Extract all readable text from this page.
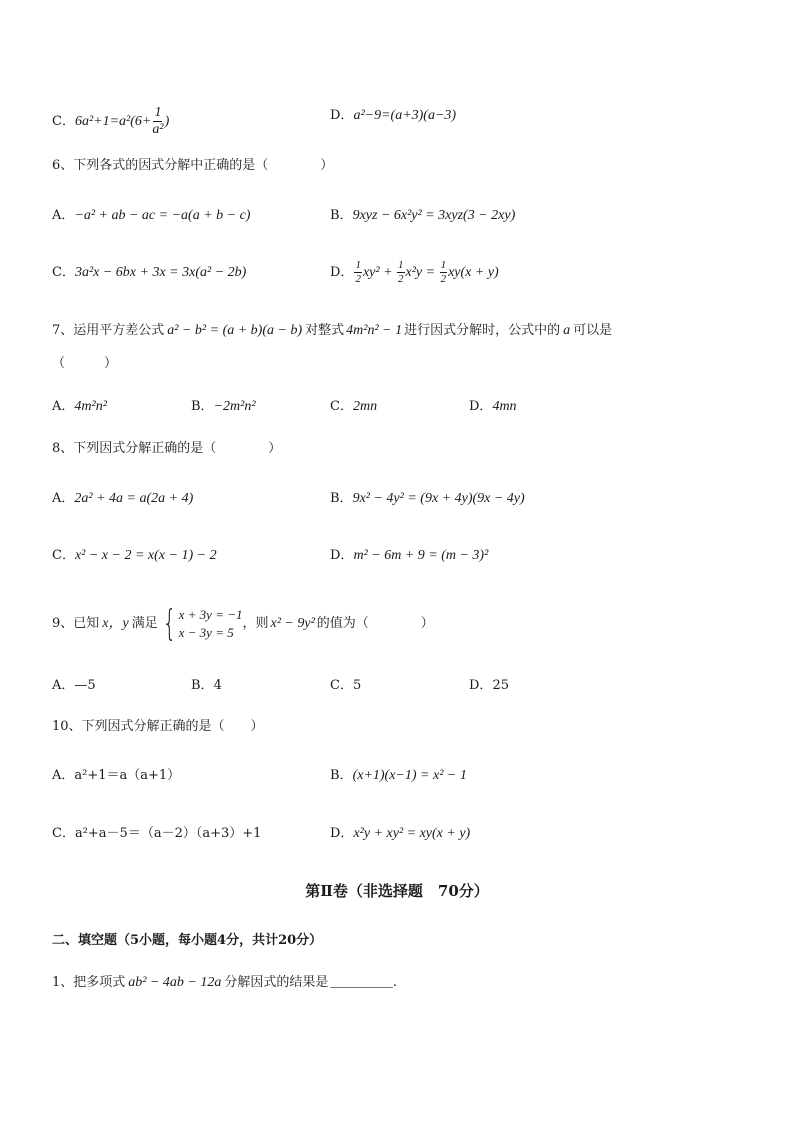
C．$6a^2+1=a^2(6+ \frac{1}{\text{a²}}$ )	D．a²−9=(a+3)(a−3)
6、下列各式的因式分解中正确的是（　　　　）
A．−a² + ab − ac = −a(a + b − c)	B．9xyz − 6x²y² = 3xyz(3 − 2xy)
C．3a²x − 6bx + 3x = 3x(a² − 2b)	D． $\frac{1}{2} xy^2 + \frac{1}{2} x^2y = \frac{1}{2} xy(x + y)$
7、运用平方差公式 a² − b² = (a + b)(a − b) 对整式 4m²n² − 1 进行因式分解时，公式中的 a 可以是
（　　　）
A．4m²n²	B．−2m²n²	C．2mn	D．4mn
8、下列因式分解正确的是（　　　　）
A．2a² + 4a = a(2a + 4)	B．9x² − 4y² = (9x + 4y)(9x − 4y)
C．x² − x − 2 = x(x − 1) − 2	D．m² − 6m + 9 = (m − 3)²
9、已知 x，y 满足 { x + 3y = −1
x − 3y = 5
，则 x² − 9y² 的值为（　　　　）
A．—5	B．4	C．5	D．25
10、下列因式分解正确的是（　　）
A．a²+1＝a（a+1）	B．(x+1)(x−1) = x² − 1
C．a²+a－5＝（a－2）（a+3）+1	D．x²y + xy² = xy(x + y)
第Ⅱ卷（非选择题　70分）
二、填空题（5小题，每小题4分，共计20分）
1、把多项式 ab² − 4ab − 12a 分解因式的结果是 ________.
